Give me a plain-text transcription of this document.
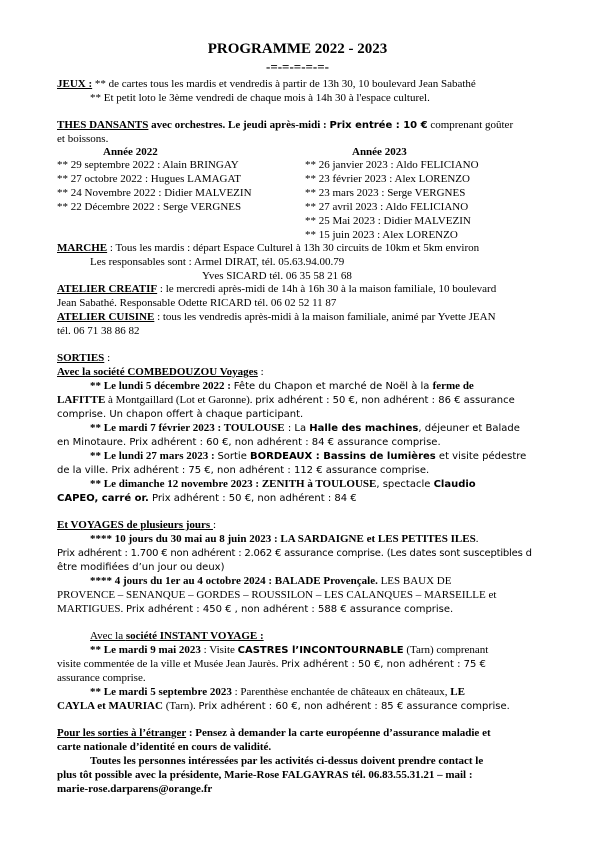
PROGRAMME 2022 - 2023
-=-=-=-=-=-
JEUX : ** de cartes tous les mardis et vendredis à partir de 13h 30, 10 boulevard Jean Sabathé
** Et petit loto le 3ème vendredi de chaque mois à 14h 30 à l'espace culturel.
THES DANSANTS avec orchestres. Le jeudi après-midi : Prix entrée : 10 € comprenant goûter
et boissons.
Année 2022	Année 2023
** 29 septembre 2022 : Alain BRINGAY
** 27 octobre 2022 : Hugues LAMAGAT
** 24 Novembre 2022 : Didier MALVEZIN
** 22 Décembre 2022 : Serge VERGNES
** 26 janvier 2023 : Aldo FELICIANO
** 23 février 2023 : Alex LORENZO
** 23 mars 2023 : Serge VERGNES
** 27 avril 2023 : Aldo FELICIANO
** 25 Mai 2023 : Didier MALVEZIN
** 15 juin 2023 : Alex LORENZO
MARCHE : Tous les mardis : départ Espace Culturel à 13h 30 circuits de 10km et 5km environ
Les responsables sont : Armel DIRAT, tél. 05.63.94.00.79
Yves SICARD tél. 06 35 58 21 68
ATELIER CREATIF : le mercredi après-midi de 14h à 16h 30 à la maison familiale, 10 boulevard
Jean Sabathé. Responsable Odette RICARD tél. 06 02 52 11 87
ATELIER CUISINE : tous les vendredis après-midi à la maison familiale, animé par Yvette JEAN
tél. 06 71 38 86 82
SORTIES :
Avec la société COMBEDOUZOU Voyages :
** Le lundi 5 décembre 2022 : Fête du Chapon et marché de Noël à la ferme de
LAFITTE à Montgaillard (Lot et Garonne). prix adhérent : 50 €, non adhérent : 86 € assurance
comprise. Un chapon offert à chaque participant.
** Le mardi 7 février 2023 : TOULOUSE : La Halle des machines, déjeuner et Balade
en Minotaure. Prix adhérent : 60 €, non adhérent : 84 € assurance comprise.
** Le lundi 27 mars 2023 : Sortie BORDEAUX : Bassins de lumières et visite pédestre
de la ville. Prix adhérent : 75 €, non adhérent : 112 € assurance comprise.
** Le dimanche 12 novembre 2023 : ZENITH à TOULOUSE, spectacle Claudio
CAPEO, carré or. Prix adhérent : 50 €, non adhérent : 84 €
Et VOYAGES de plusieurs jours :
**** 10 jours du 30 mai au 8 juin 2023 : LA SARDAIGNE et LES PETITES ILES.
Prix adhérent : 1.700 € non adhérent : 2.062 € assurance comprise. (Les dates sont susceptibles d
être modifiées d’un jour ou deux)
**** 4 jours du 1er au 4 octobre 2024 : BALADE Provençale. LES BAUX DE
PROVENCE – SENANQUE – GORDES – ROUSSILON – LES CALANQUES – MARSEILLE et
MARTIGUES. Prix adhérent : 450 € , non adhérent : 588 € assurance comprise.
Avec la société INSTANT VOYAGE :
** Le mardi 9 mai 2023 : Visite CASTRES l’INCONTOURNABLE (Tarn) comprenant
visite commentée de la ville et Musée Jean Jaurès. Prix adhérent : 50 €, non adhérent : 75 €
assurance comprise.
** Le mardi 5 septembre 2023 : Parenthèse enchantée de châteaux en châteaux, LE
CAYLA et MAURIAC (Tarn). Prix adhérent : 60 €, non adhérent : 85 € assurance comprise.
Pour les sorties à l’étranger : Pensez à demander la carte européenne d’assurance maladie et
carte nationale d’identité en cours de validité.
Toutes les personnes intéressées par les activités ci-dessus doivent prendre contact le
plus tôt possible avec la présidente, Marie-Rose FALGAYRAS tél. 06.83.55.31.21 – mail :
marie-rose.darparens@orange.fr
